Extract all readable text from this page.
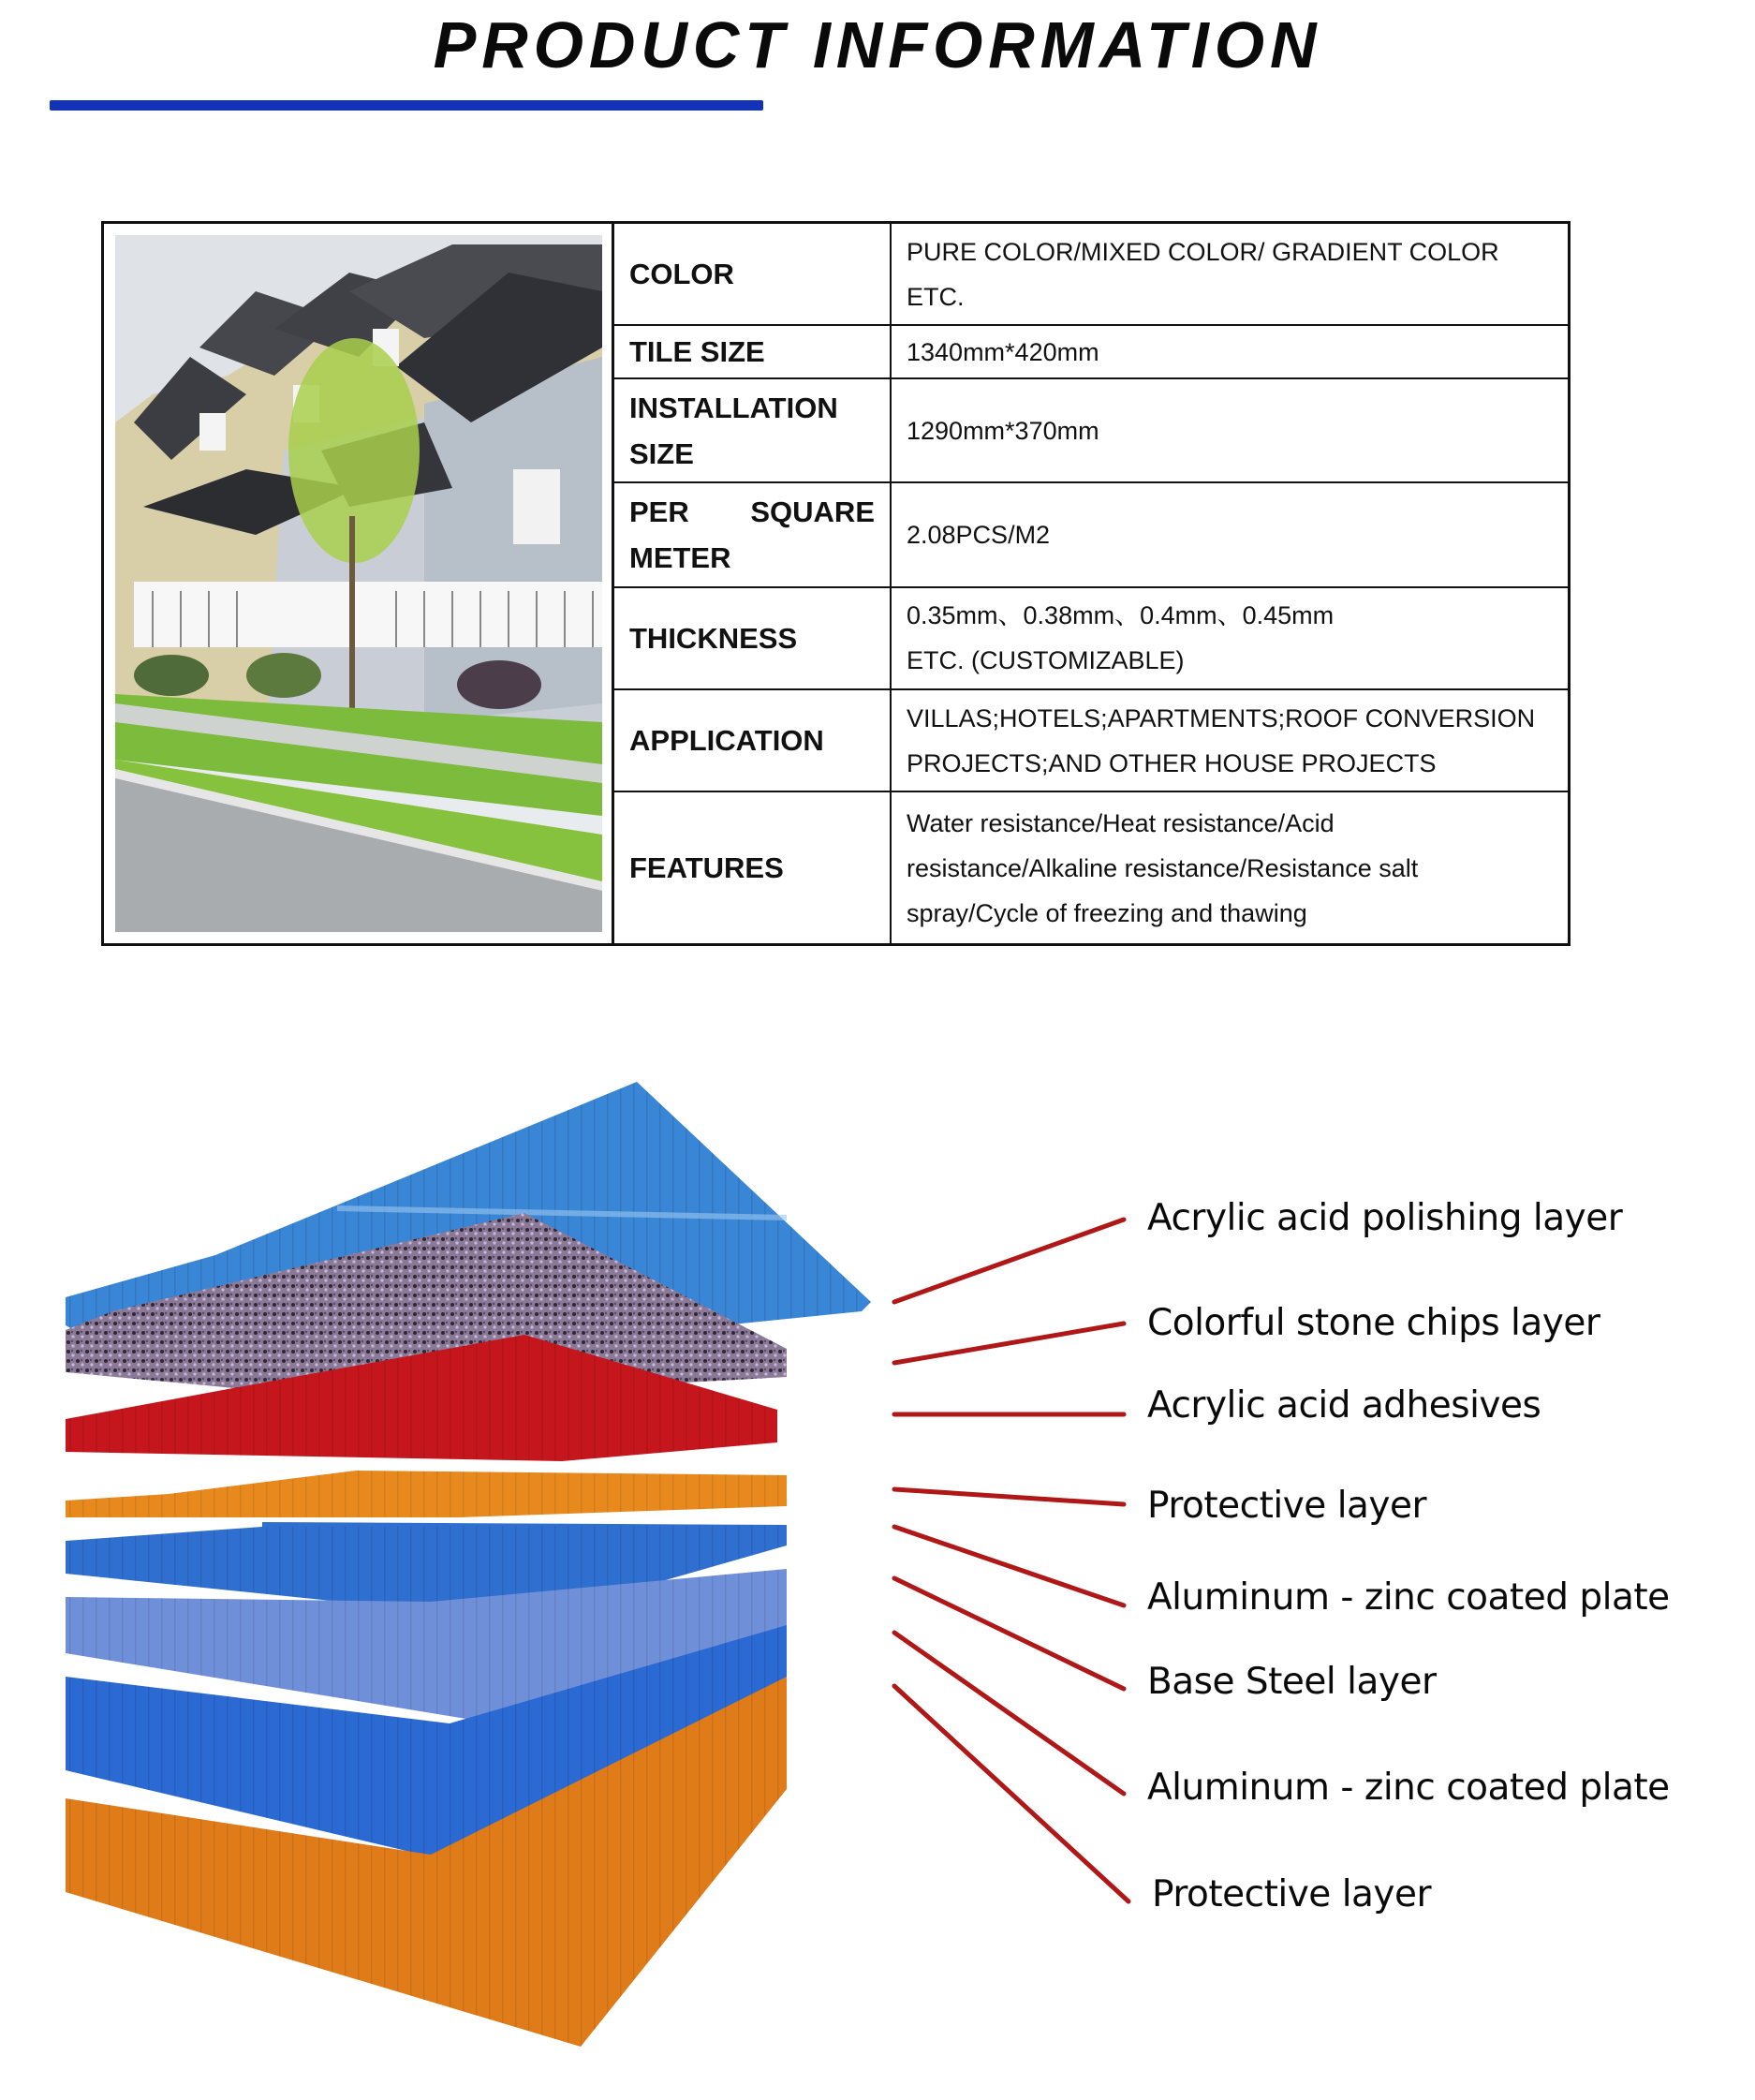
PRODUCT INFORMATION
COLOR	PURE COLOR/MIXED COLOR/ GRADIENT COLOR ETC.
TILE SIZE	1340mm*420mm

INSTALLATION
SIZE	1290mm*370mm

PER SQUARE
METER	2.08PCS/M2
THICKNESS	0.35mm、0.38mm、0.4mm、0.45mm
ETC. (CUSTOMIZABLE)

APPLICATION	VILLAS;HOTELS;APARTMENTS;ROOF CONVERSION
PROJECTS;AND OTHER HOUSE PROJECTS

FEATURES	Water resistance/Heat resistance/Acid
resistance/Alkaline resistance/Resistance salt
spray/Cycle of freezing and thawing
Acrylic acid polishing layer
Colorful stone chips layer
Acrylic acid adhesives
Protective layer
Aluminum - zinc coated plate
Base Steel layer
Aluminum - zinc coated plate
Protective layer
